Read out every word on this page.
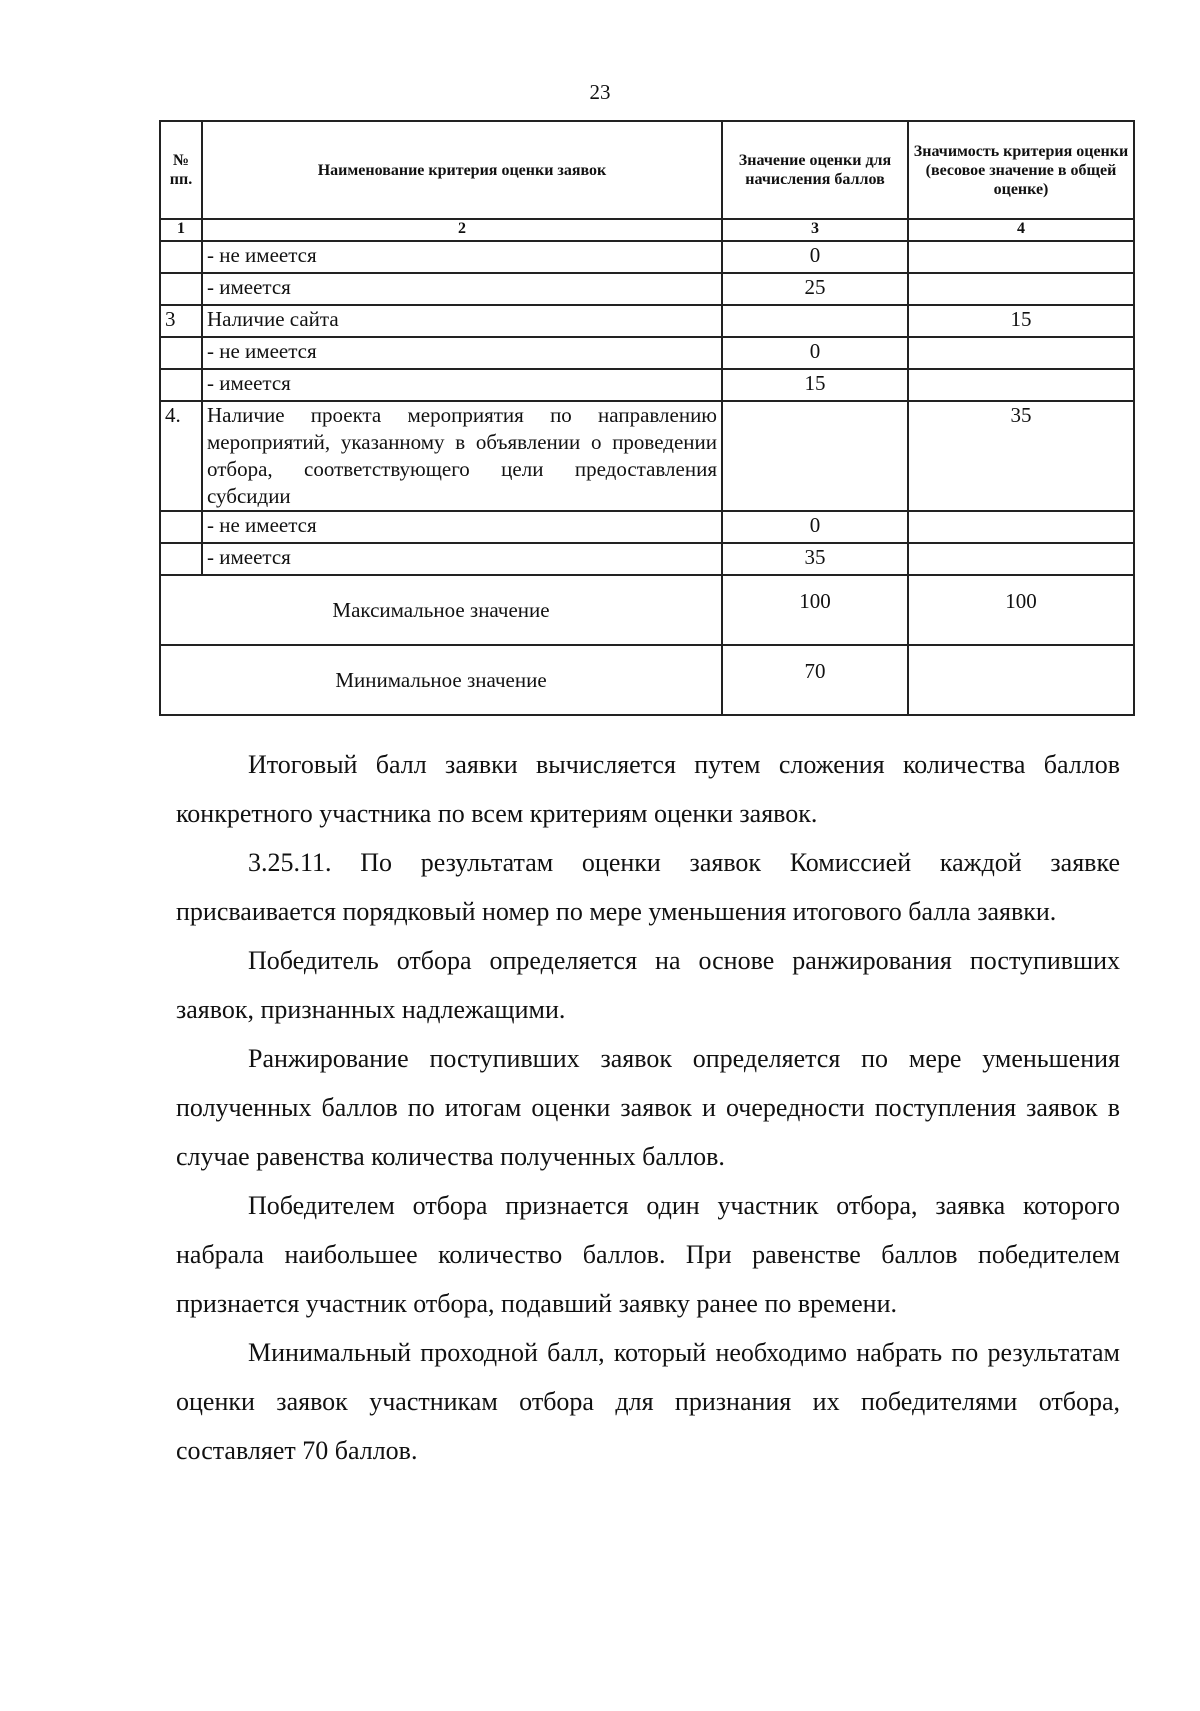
23
№ пп.	Наименование критерия оценки заявок	Значение оценки для начисления баллов	Значимость критерия оценки (весовое значение в общей оценке)
1	2	3	4
	- не имеется	0	
	- имеется	25	
3	Наличие сайта		15
	- не имеется	0	
	- имеется	15	
4.	Наличие проекта мероприятия по направлению мероприятий, указанному в объявлении о проведении отбора, соответствующего цели предоставления субсидии		35
	- не имеется	0	
	- имеется	35	
Максимальное значение		100	100
Минимальное значение		70	

Итоговый балл заявки вычисляется путем сложения количества баллов конкретного участника по всем критериям оценки заявок.

3.25.11. По результатам оценки заявок Комиссией каждой заявке присваивается порядковый номер по мере уменьшения итогового балла заявки.

Победитель отбора определяется на основе ранжирования поступивших заявок, признанных надлежащими.

Ранжирование поступивших заявок определяется по мере уменьшения полученных баллов по итогам оценки заявок и очередности поступления заявок в случае равенства количества полученных баллов.

Победителем отбора признается один участник отбора, заявка которого набрала наибольшее количество баллов. При равенстве баллов победителем признается участник отбора, подавший заявку ранее по времени.

Минимальный проходной балл, который необходимо набрать по результатам оценки заявок участникам отбора для признания их победителями отбора, составляет 70 баллов.
